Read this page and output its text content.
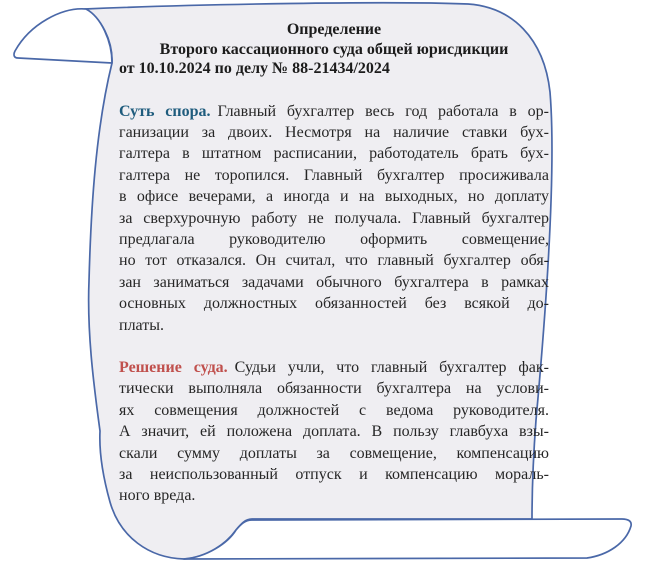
Определение
Второго кассационного суда общей юрисдикции
от 10.10.2024 по делу № 88-21434/2024
Суть спора. Главный бухгалтер весь год работала в ор-
ганизации за двоих. Несмотря на наличие ставки бух-
галтера в штатном расписании, работодатель брать бух-
галтера не торопился. Главный бухгалтер просиживала
в офисе вечерами, а иногда и на выходных, но доплату
за сверхурочную работу не получала. Главный бухгалтер
предлагала руководителю оформить совмещение,
но тот отказался. Он считал, что главный бухгалтер обя-
зан заниматься задачами обычного бухгалтера в рамках
основных должностных обязанностей без всякой до-
платы.
Решение суда. Судьи учли, что главный бухгалтер фак-
тически выполняла обязанности бухгалтера на услови-
ях совмещения должностей с ведома руководителя.
А значит, ей положена доплата. В пользу главбуха взы-
скали сумму доплаты за совмещение, компенсацию
за неиспользованный отпуск и компенсацию мораль-
ного вреда.
